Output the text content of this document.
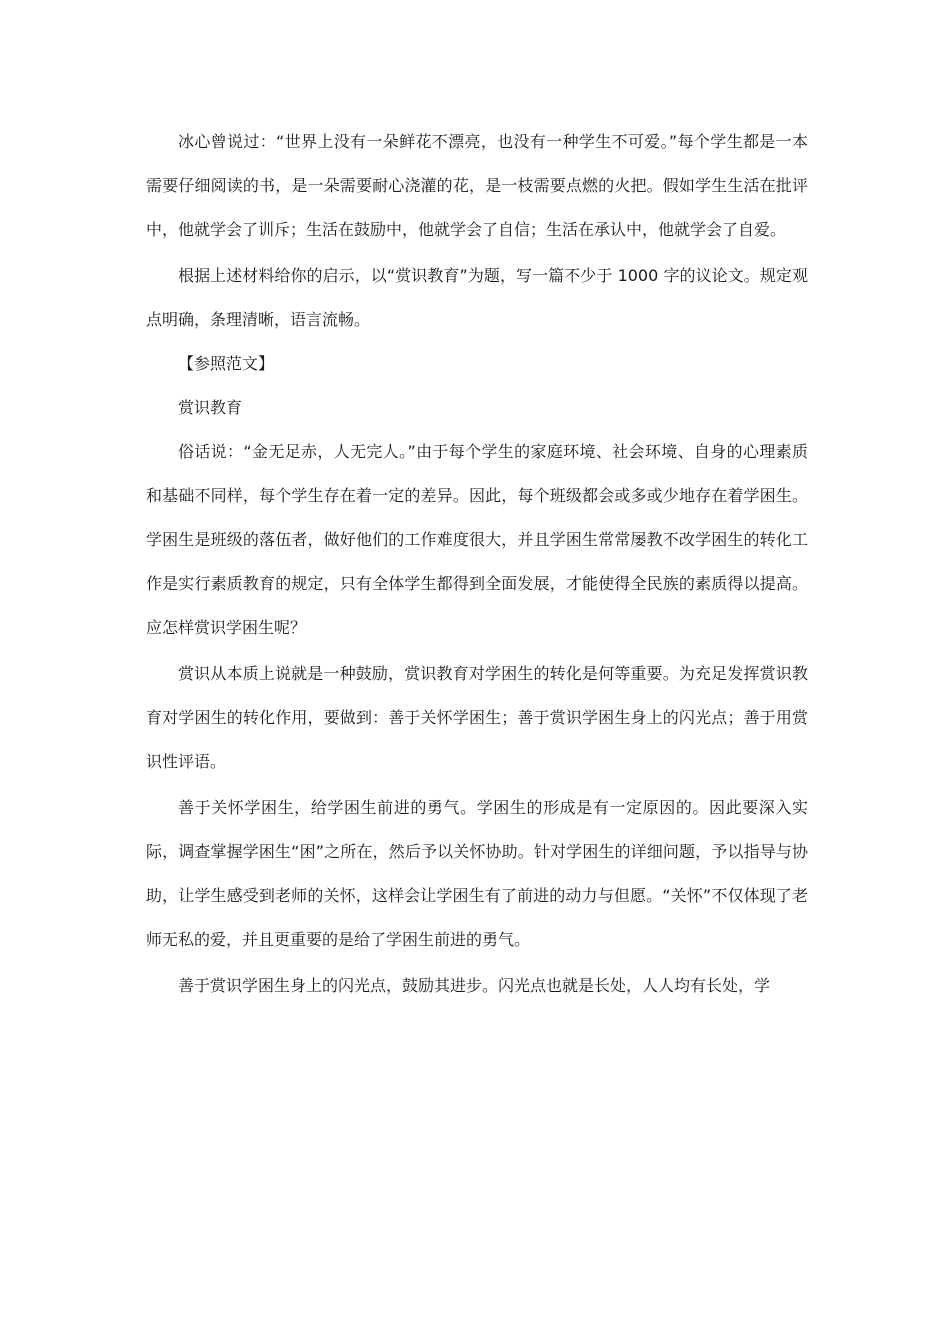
冰心曾说过：“世界上没有一朵鲜花不漂亮，也没有一种学生不可爱。”每个学生都是一本需要仔细阅读的书，是一朵需要耐心浇灌的花，是一枝需要点燃的火把。假如学生生活在批评中，他就学会了训斥；生活在鼓励中，他就学会了自信；生活在承认中，他就学会了自爱。

根据上述材料给你的启示，以“赏识教育”为题，写一篇不少于 1000 字的议论文。规定观点明确，条理清晰，语言流畅。

【参照范文】

赏识教育

俗话说：“金无足赤，人无完人。”由于每个学生的家庭环境、社会环境、自身的心理素质和基础不同样，每个学生存在着一定的差异。因此，每个班级都会或多或少地存在着学困生。学困生是班级的落伍者，做好他们的工作难度很大，并且学困生常常屡教不改学困生的转化工作是实行素质教育的规定，只有全体学生都得到全面发展，才能使得全民族的素质得以提高。应怎样赏识学困生呢？

赏识从本质上说就是一种鼓励，赏识教育对学困生的转化是何等重要。为充足发挥赏识教育对学困生的转化作用，要做到：善于关怀学困生；善于赏识学困生身上的闪光点；善于用赏识性评语。

善于关怀学困生，给学困生前进的勇气。学困生的形成是有一定原因的。因此要深入实际，调查掌握学困生“困”之所在，然后予以关怀协助。针对学困生的详细问题，予以指导与协助，让学生感受到老师的关怀，这样会让学困生有了前进的动力与但愿。“关怀”不仅体现了老师无私的爱，并且更重要的是给了学困生前进的勇气。

善于赏识学困生身上的闪光点，鼓励其进步。闪光点也就是长处，人人均有长处，学
